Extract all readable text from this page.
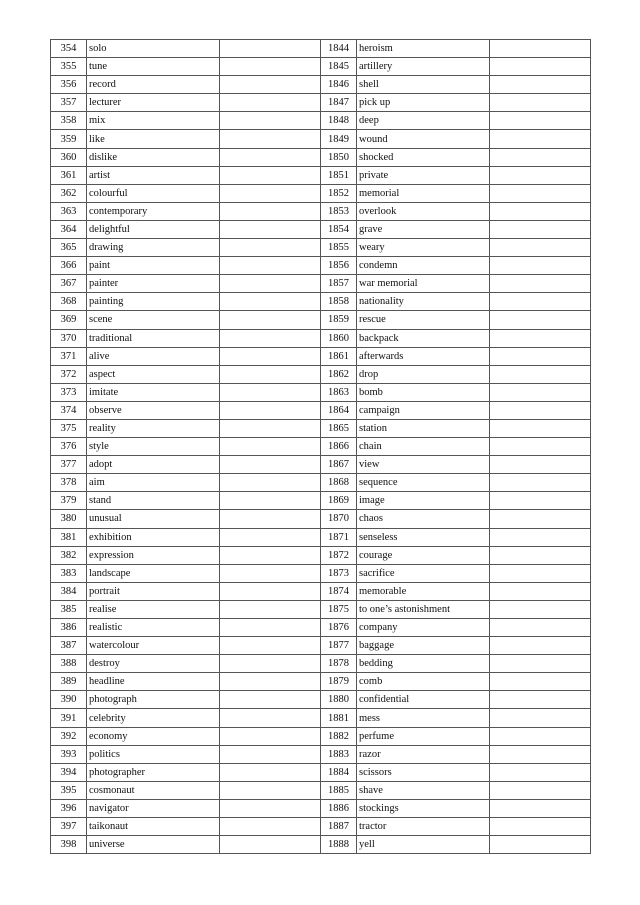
354	solo		1844	heroism	
355	tune		1845	artillery	
356	record		1846	shell	
357	lecturer		1847	pick up	
358	mix		1848	deep	
359	like		1849	wound	
360	dislike		1850	shocked	
361	artist		1851	private	
362	colourful		1852	memorial	
363	contemporary		1853	overlook	
364	delightful		1854	grave	
365	drawing		1855	weary	
366	paint		1856	condemn	
367	painter		1857	war memorial	
368	painting		1858	nationality	
369	scene		1859	rescue	
370	traditional		1860	backpack	
371	alive		1861	afterwards	
372	aspect		1862	drop	
373	imitate		1863	bomb	
374	observe		1864	campaign	
375	reality		1865	station	
376	style		1866	chain	
377	adopt		1867	view	
378	aim		1868	sequence	
379	stand		1869	image	
380	unusual		1870	chaos	
381	exhibition		1871	senseless	
382	expression		1872	courage	
383	landscape		1873	sacrifice	
384	portrait		1874	memorable	
385	realise		1875	to one’s astonishment	
386	realistic		1876	company	
387	watercolour		1877	baggage	
388	destroy		1878	bedding	
389	headline		1879	comb	
390	photograph		1880	confidential	
391	celebrity		1881	mess	
392	economy		1882	perfume	
393	politics		1883	razor	
394	photographer		1884	scissors	
395	cosmonaut		1885	shave	
396	navigator		1886	stockings	
397	taikonaut		1887	tractor	
398	universe		1888	yell	
